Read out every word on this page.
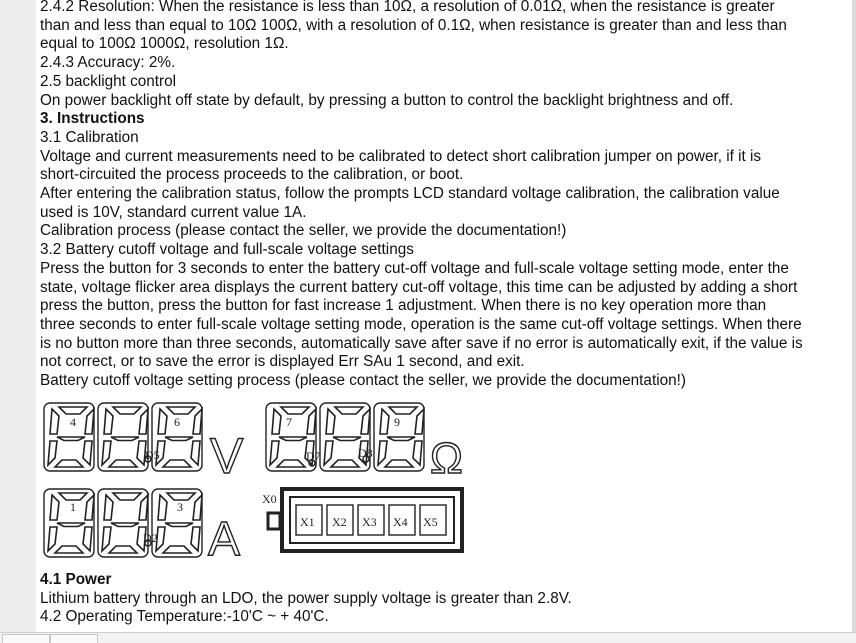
2.4.2 Resolution: When the resistance is less than 10Ω, a resolution of 0.01Ω, when the resistance is greater

than and less than equal to 10Ω 100Ω, with a resolution of 0.1Ω, when resistance is greater than and less than

equal to 100Ω 1000Ω, resolution 1Ω.

2.4.3 Accuracy: 2%.

2.5 backlight control

On power backlight off state by default, by pressing a button to control the backlight brightness and off.

3. Instructions

3.1 Calibration

Voltage and current measurements need to be calibrated to detect short calibration jumper on power, if it is

short-circuited the process proceeds to the calibration, or boot.

After entering the calibration status, follow the prompts LCD standard voltage calibration, the calibration value

used is 10V, standard current value 1A.

Calibration process (please contact the seller, we provide the documentation!)

3.2 Battery cutoff voltage and full-scale voltage settings

Press the button for 3 seconds to enter the battery cut-off voltage and full-scale voltage setting mode, enter the

state, voltage flicker area displays the current battery cut-off voltage, this time can be adjusted by adding a short

press the button, press the button for fast increase 1 adjustment. When there is no key operation more than

three seconds to enter full-scale voltage setting mode, operation is the same cut-off voltage settings. When there

is no button more than three seconds, automatically save after save if no error is automatically exit, if the value is

not correct, or to save the error is displayed Err SAu 1 second, and exit.

Battery cutoff voltage setting process (please contact the seller, we provide the documentation!)

4	6	7	9
1	3
D5	D7	D8
D2
V	Ω
A
X0
X1 X2 X3 X4 X5

4.1 Power

Lithium battery through an LDO, the power supply voltage is greater than 2.8V.

4.2 Operating Temperature:-10'C ~ + 40'C.
